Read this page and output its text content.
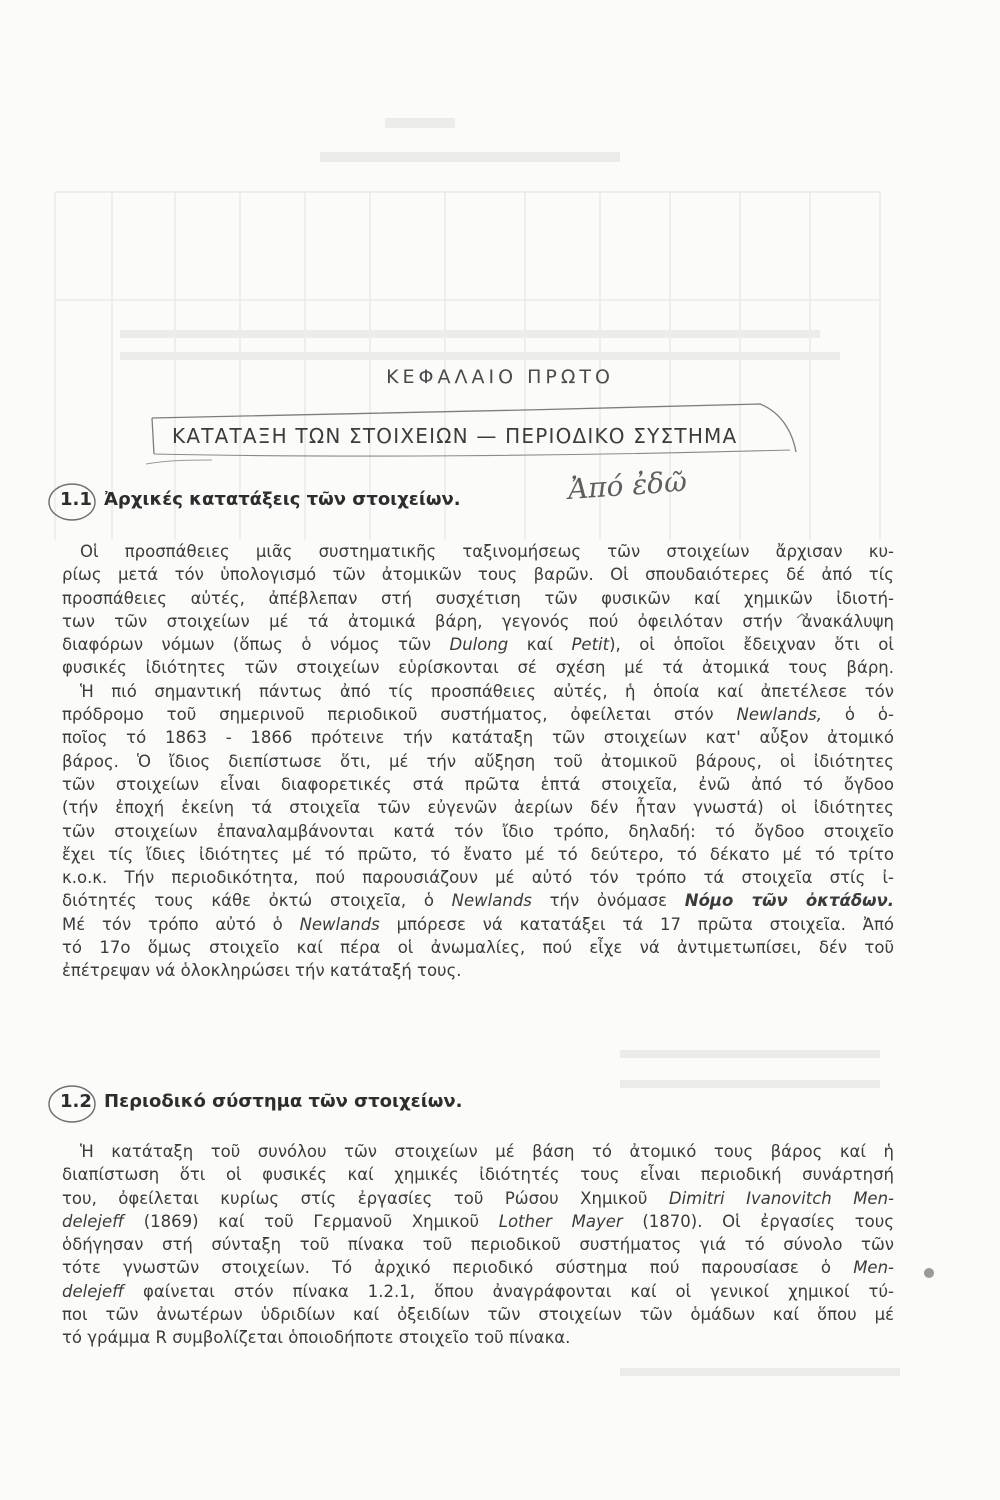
ΚΕΦΑΛΑΙΟ ΠΡΩΤΟ
ΚΑΤΑΤΑΞΗ ΤΩΝ ΣΤΟΙΧΕΙΩΝ — ΠΕΡΙΟΔΙΚΟ ΣΥΣΤΗΜΑ
Ἀπό ἐδῶ
1.1 Ἀρχικές κατατάξεις τῶν στοιχείων.
Οἱ προσπάθειες μιᾶς συστηματικῆς ταξινομήσεως τῶν στοιχείων ἄρχισαν κυ-
ρίως μετά τόν ὑπολογισμό τῶν ἀτομικῶν τους βαρῶν. Οἱ σπουδαιότερες δέ ἀπό τίς
προσπάθειες αὐτές, ἀπέβλεπαν στή συσχέτιση τῶν φυσικῶν καί χημικῶν ἰδιοτή-
των τῶν στοιχείων μέ τά ἀτομικά βάρη, γεγονός πού ὀφειλόταν στήν ἀνακάλυψη
διαφόρων νόμων (ὅπως ὁ νόμος τῶν Dulong καί Petit), οἱ ὁποῖοι ἔδειχναν ὅτι οἱ
φυσικές ἰδιότητες τῶν στοιχείων εὑρίσκονται σέ σχέση μέ τά ἀτομικά τους βάρη.
Ἡ πιό σημαντική πάντως ἀπό τίς προσπάθειες αὐτές, ἡ ὁποία καί ἀπετέλεσε τόν
πρόδρομο τοῦ σημερινοῦ περιοδικοῦ συστήματος, ὀφείλεται στόν Newlands, ὁ ὁ-
ποῖος τό 1863 - 1866 πρότεινε τήν κατάταξη τῶν στοιχείων κατ' αὖξον ἀτομικό
βάρος. Ὁ ἴδιος διεπίστωσε ὅτι, μέ τήν αὔξηση τοῦ ἀτομικοῦ βάρους, οἱ ἰδιότητες
τῶν στοιχείων εἶναι διαφορετικές στά πρῶτα ἑπτά στοιχεῖα, ἐνῶ ἀπό τό ὄγδοο
(τήν ἐποχή ἐκείνη τά στοιχεῖα τῶν εὐγενῶν ἀερίων δέν ἦταν γνωστά) οἱ ἰδιότητες
τῶν στοιχείων ἐπαναλαμβάνονται κατά τόν ἴδιο τρόπο, δηλαδή: τό ὄγδοο στοιχεῖο
ἔχει τίς ἴδιες ἰδιότητες μέ τό πρῶτο, τό ἔνατο μέ τό δεύτερο, τό δέκατο μέ τό τρίτο
κ.ο.κ. Τήν περιοδικότητα, πού παρουσιάζουν μέ αὐτό τόν τρόπο τά στοιχεῖα στίς ἰ-
διότητές τους κάθε ὀκτώ στοιχεῖα, ὁ Newlands τήν ὀνόμασε Νόμο τῶν ὀκτάδων.
Μέ τόν τρόπο αὐτό ὁ Newlands μπόρεσε νά κατατάξει τά 17 πρῶτα στοιχεῖα. Ἀπό
τό 17ο ὅμως στοιχεῖο καί πέρα οἱ ἀνωμαλίες, πού εἶχε νά ἀντιμετωπίσει, δέν τοῦ
ἐπέτρεψαν νά ὁλοκληρώσει τήν κατάταξή τους.
1.2 Περιοδικό σύστημα τῶν στοιχείων.
Ἡ κατάταξη τοῦ συνόλου τῶν στοιχείων μέ βάση τό ἀτομικό τους βάρος καί ἡ
διαπίστωση ὅτι οἱ φυσικές καί χημικές ἰδιότητές τους εἶναι περιοδική συνάρτησή
του, ὀφείλεται κυρίως στίς ἐργασίες τοῦ Ρώσου Χημικοῦ Dimitri Ivanovitch Men-
delejeff (1869) καί τοῦ Γερμανοῦ Χημικοῦ Lother Mayer (1870). Οἱ ἐργασίες τους
ὁδήγησαν στή σύνταξη τοῦ πίνακα τοῦ περιοδικοῦ συστήματος γιά τό σύνολο τῶν
τότε γνωστῶν στοιχείων. Τό ἀρχικό περιοδικό σύστημα πού παρουσίασε ὁ Men-
delejeff φαίνεται στόν πίνακα 1.2.1, ὅπου ἀναγράφονται καί οἱ γενικοί χημικοί τύ-
ποι τῶν ἀνωτέρων ὑδριδίων καί ὀξειδίων τῶν στοιχείων τῶν ὁμάδων καί ὅπου μέ
τό γράμμα R συμβολίζεται ὁποιοδήποτε στοιχεῖο τοῦ πίνακα.
